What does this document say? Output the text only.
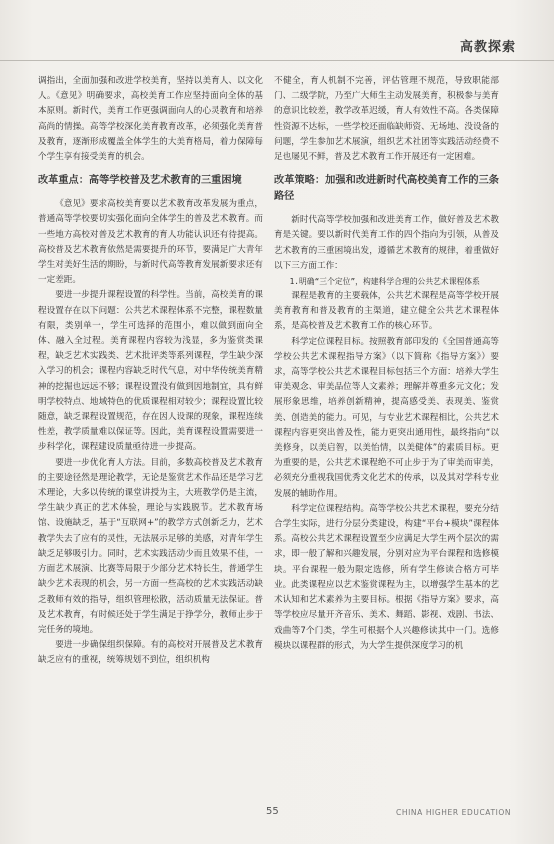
高教探索

调指出，全面加强和改进学校美育，坚持以美育人、以文化人。《意见》明确要求，高校美育工作应坚持面向全体的基本原则。新时代，美育工作更强调面向人的心灵教育和培养高尚的情操。高等学校深化美育教育改革，必须强化美育普及教育，逐渐形成覆盖全体学生的大美育格局，着力保障每个学生享有接受美育的机会。

改革重点：高等学校普及艺术教育的三重困境

《意见》要求高校美育要以艺术教育改革发展为重点，普通高等学校要切实强化面向全体学生的普及艺术教育。而一些地方高校对普及艺术教育的育人功能认识还有待提高。高校普及艺术教育依然是需要提升的环节，要满足广大青年学生对美好生活的期盼，与新时代高等教育发展新要求还有一定差距。

要进一步提升课程设置的科学性。当前，高校美育的课程设置存在以下问题：公共艺术课程体系不完整，课程数量有限，类别单一，学生可选择的范围小，难以做到面向全体、融入全过程。美育课程内容较为浅显，多为鉴赏类课程，缺乏艺术实践类、艺术批评类等系列课程，学生缺少深入学习的机会；课程内容缺乏时代气息，对中华传统美育精神的挖掘也远远不够；课程设置没有做到因地制宜，具有鲜明学校特点、地域特色的优质课程相对较少；课程设置比较随意，缺乏课程设置规范，存在因人设课的现象，课程连续性差，教学质量难以保证等。因此，美育课程设置需要进一步科学化，课程建设质量亟待进一步提高。

要进一步优化育人方法。目前，多数高校普及艺术教育的主要途径然是理论教学，无论是鉴赏艺术作品还是学习艺术理论，大多以传统的课堂讲授为主，大班教学仍是主流，学生缺少真正的艺术体验，理论与实践脱节。艺术教育场馆、设施缺乏，基于“互联网+”的教学方式创新乏力，艺术教学失去了应有的灵性，无法展示足够的美感，对青年学生缺乏足够吸引力。同时，艺术实践活动少而且效果不佳，一方面艺术展演、比赛等局限于少部分艺术特长生，普通学生缺少艺术表现的机会，另一方面一些高校的艺术实践活动缺乏教师有效的指导，组织管理松散，活动质量无法保证。普及艺术教育，有时候还处于学生满足于挣学分，教师止步于完任务的境地。

要进一步确保组织保障。有的高校对开展普及艺术教育缺乏应有的重视，统筹规划不到位，组织机构

不健全，育人机制不完善，评估管理不规范，导致职能部门、二级学院，乃至广大师生主动发展美育，积极参与美育的意识比较差，教学改革迟缓，育人有效性不高。各类保障性资源不达标，一些学校还面临缺师资、无场地、没设备的问题，学生参加艺术展演，组织艺术社团等实践活动经费不足也屡见不鲜，普及艺术教育工作开展还有一定困难。

改革策略：加强和改进新时代高校美育工作的三条路径

新时代高等学校加强和改进美育工作，做好普及艺术教育是关键。要以新时代美育工作的四个指向为引领，从普及艺术教育的三重困境出发，遵循艺术教育的规律，着重做好以下三方面工作：

1.明确“三个定位”，构建科学合理的公共艺术课程体系

课程是教育的主要载体，公共艺术课程是高等学校开展美育教育和普及教育的主渠道，建立健全公共艺术课程体系，是高校普及艺术教育工作的核心环节。

科学定位课程目标。按照教育部印发的《全国普通高等学校公共艺术课程指导方案》（以下简称《指导方案》）要求，高等学校公共艺术课程目标包括三个方面：培养大学生审美观念、审美品位等人文素养；理解并尊重多元文化；发展形象思维，培养创新精神，提高感受美、表现美、鉴赏美、创造美的能力。可见，与专业艺术课程相比，公共艺术课程内容更突出普及性，能力更突出通用性，最终指向“以美修身，以美启智，以美怡情，以美健体”的素质目标。更为重要的是，公共艺术课程绝不可止步于为了审美而审美，必须充分重视我国优秀文化艺术的传承，以及其对学科专业发展的辅助作用。

科学定位课程结构。高等学校公共艺术课程，要充分结合学生实际，进行分层分类建设，构建“平台+模块”课程体系。高校公共艺术课程设置至少应满足大学生两个层次的需求，即一般了解和兴趣发展，分别对应为平台课程和选修模块。平台课程一般为限定选修，所有学生修读合格方可毕业。此类课程应以艺术鉴赏课程为主，以增强学生基本的艺术认知和艺术素养为主要目标。根据《指导方案》要求，高等学校应尽量开齐音乐、美术、舞蹈、影视、戏剧、书法、戏曲等7个门类，学生可根据个人兴趣修读其中一门。选修模块以课程群的形式，为大学生提供深度学习的机

55	CHINA HIGHER EDUCATION
